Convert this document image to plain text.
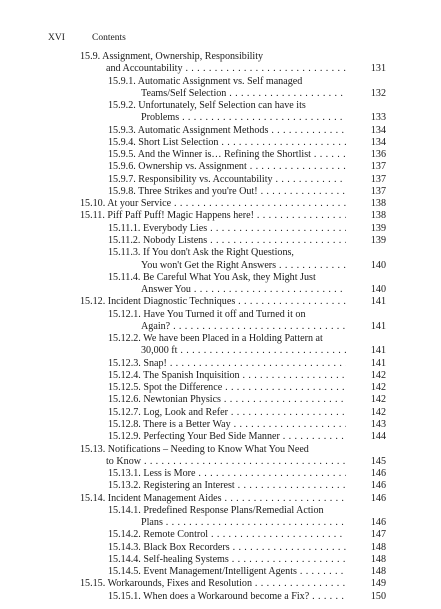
XVI	Contents
15.9. Assignment, Ownership, Responsibility
and Accountability . . .	131
15.9.1. Automatic Assignment vs. Self managed
Teams/Self Selection . . .	132
15.9.2. Unfortunately, Self Selection can have its
Problems . . .	133
15.9.3. Automatic Assignment Methods . . .	134
15.9.4. Short List Selection . . .	134
15.9.5. And the Winner is… Refining the Shortlist . . .	136
15.9.6. Ownership vs. Assignment . . .	137
15.9.7. Responsibility vs. Accountability . . .	137
15.9.8. Three Strikes and you're Out! . . .	137
15.10. At your Service . . .	138
15.11. Piff Paff Puff! Magic Happens here! . . .	138
15.11.1. Everybody Lies . . .	139
15.11.2. Nobody Listens . . .	139
15.11.3. If You don't Ask the Right Questions,
You won't Get the Right Answers . . .	140
15.11.4. Be Careful What You Ask, they Might Just
Answer You . . .	140
15.12. Incident Diagnostic Techniques . . .	141
15.12.1. Have You Turned it off and Turned it on
Again? . . .	141
15.12.2. We have been Placed in a Holding Pattern at
30,000 ft . . .	141
15.12.3. Snap! . . .	141
15.12.4. The Spanish Inquisition . . .	142
15.12.5. Spot the Difference . . .	142
15.12.6. Newtonian Physics . . .	142
15.12.7. Log, Look and Refer . . .	142
15.12.8. There is a Better Way . . .	143
15.12.9. Perfecting Your Bed Side Manner . . .	144
15.13. Notifications – Needing to Know What You Need
to Know . . .	145
15.13.1. Less is More . . .	146
15.13.2. Registering an Interest . . .	146
15.14. Incident Management Aides . . .	146
15.14.1. Predefined Response Plans/Remedial Action
Plans . . .	146
15.14.2. Remote Control . . .	147
15.14.3. Black Box Recorders . . .	148
15.14.4. Self-healing Systems . . .	148
15.14.5. Event Management/Intelligent Agents . . .	148
15.15. Workarounds, Fixes and Resolution . . .	149
15.15.1. When does a Workaround become a Fix? . . .	150
